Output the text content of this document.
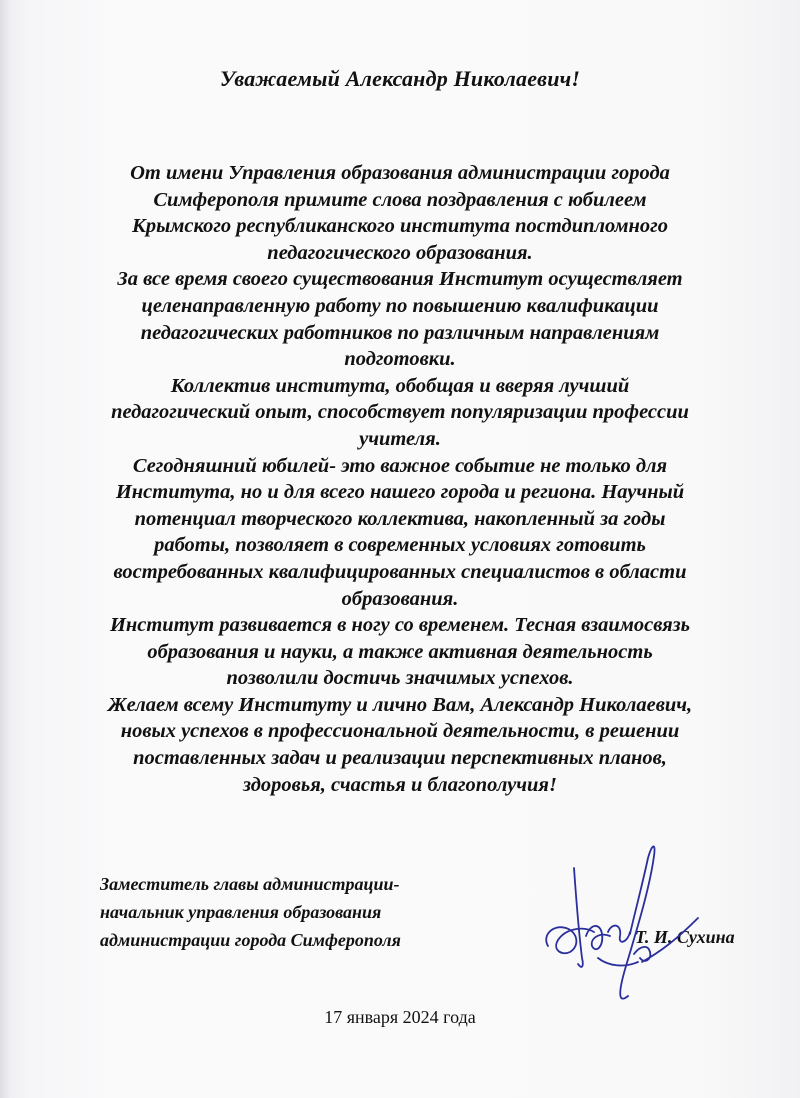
Уважаемый Александр Николаевич!

От имени Управления образования администрации города
Симферополя примите слова поздравления с юбилеем
Крымского республиканского института постдипломного
педагогического образования.

За все время своего существования Институт осуществляет
целенаправленную работу по повышению квалификации
педагогических работников по различным направлениям
подготовки.

Коллектив института, обобщая и вверяя лучший
педагогический опыт, способствует популяризации профессии
учителя.

Сегодняшний юбилей- это важное событие не только для
Института, но и для всего нашего города и региона. Научный
потенциал творческого коллектива, накопленный за годы
работы, позволяет в современных условиях готовить
востребованных квалифицированных специалистов в области
образования.

Институт развивается в ногу со временем. Тесная взаимосвязь
образования и науки, а также активная деятельность
позволили достичь значимых успехов.

Желаем всему Институту и лично Вам, Александр Николаевич,
новых успехов в профессиональной деятельности, в решении
поставленных задач и реализации перспективных планов,
здоровья, счастья и благополучия!

Заместитель главы администрации-
начальник управления образования
администрации города Симферополя	Т. И. Сухина
17 января 2024 года
